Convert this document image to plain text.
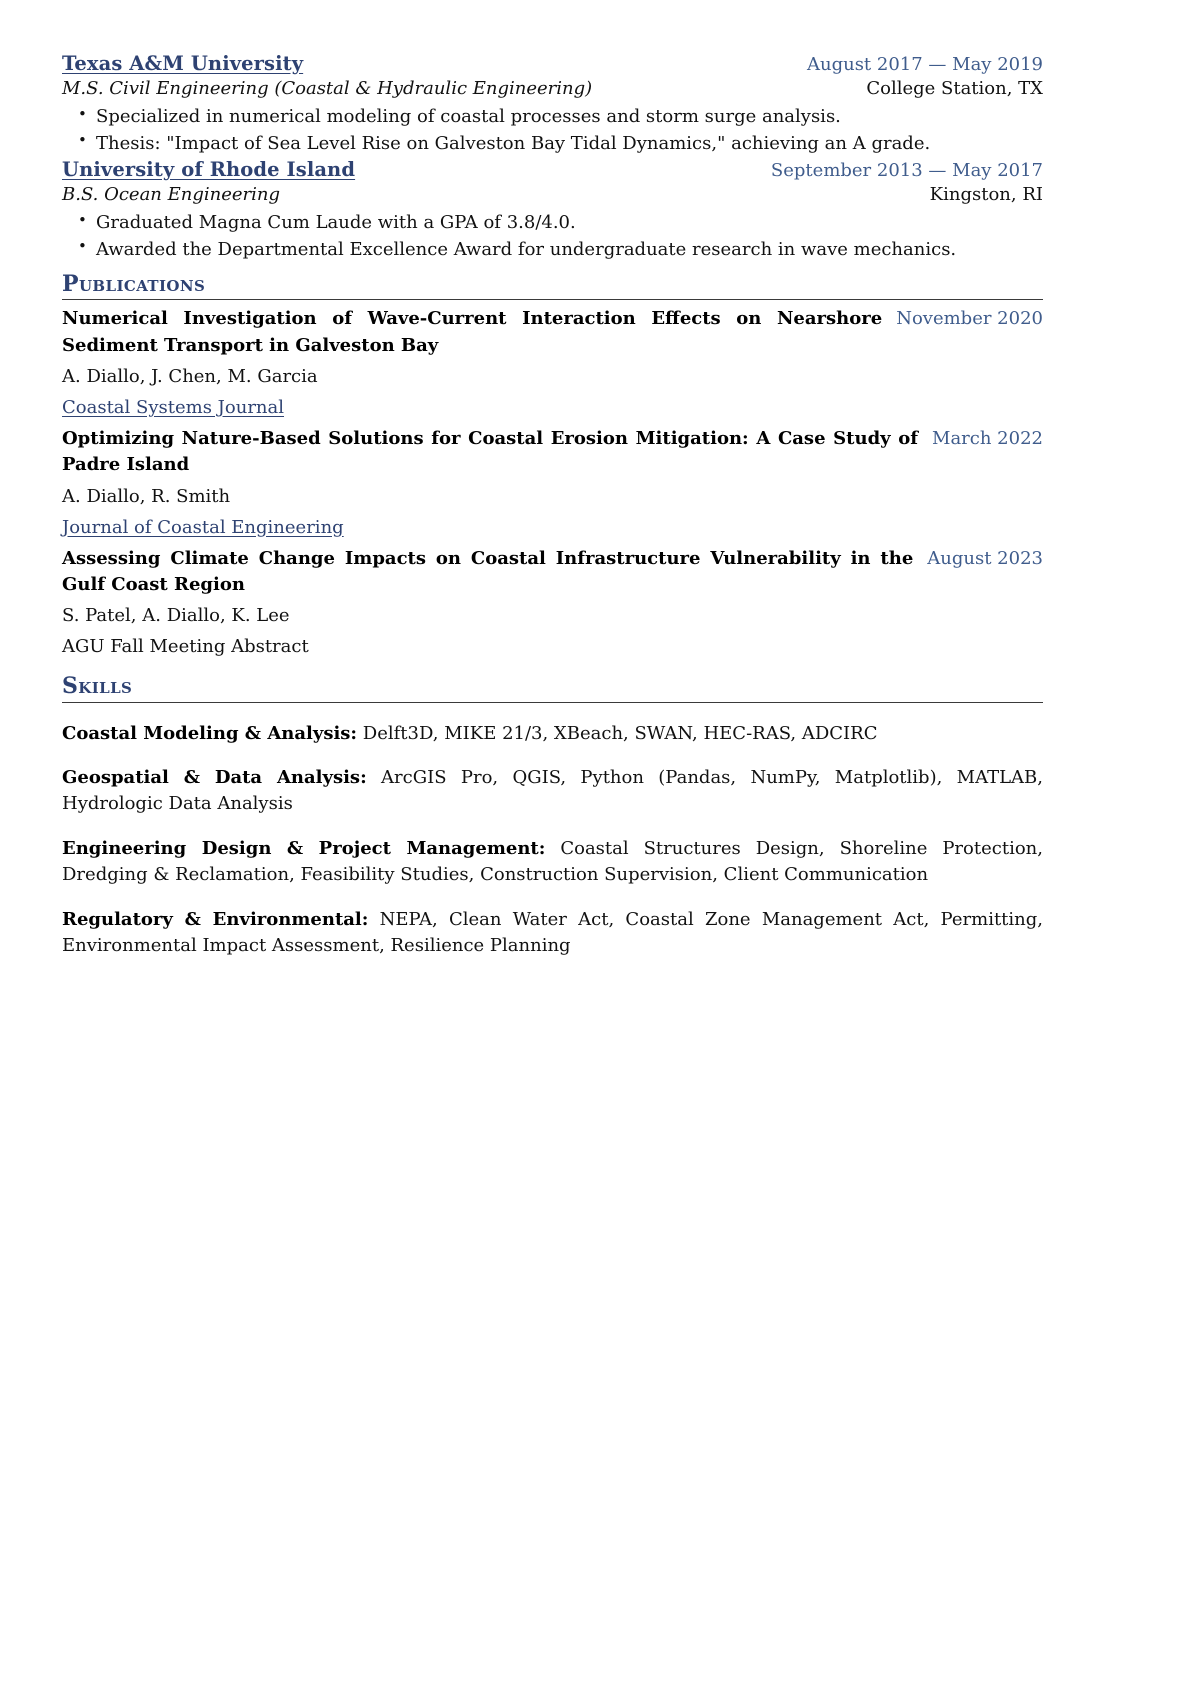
Texas A&M University	August 2017 — May 2019
M.S. Civil Engineering (Coastal & Hydraulic Engineering)	College Station, TX
• Specialized in numerical modeling of coastal processes and storm surge analysis.
• Thesis: "Impact of Sea Level Rise on Galveston Bay Tidal Dynamics," achieving an A grade.
University of Rhode Island	September 2013 — May 2017
B.S. Ocean Engineering	Kingston, RI
• Graduated Magna Cum Laude with a GPA of 3.8/4.0.
• Awarded the Departmental Excellence Award for undergraduate research in wave mechanics.
Publications
Numerical Investigation of Wave-Current Interaction Effects on Nearshore Sediment Transport in Galveston Bay
November 2020
A. Diallo, J. Chen, M. Garcia
Coastal Systems Journal
Optimizing Nature-Based Solutions for Coastal Erosion Mitigation: A Case Study of Padre Island
March 2022
A. Diallo, R. Smith
Journal of Coastal Engineering
Assessing Climate Change Impacts on Coastal Infrastructure Vulnerability in the Gulf Coast Region
August 2023
S. Patel, A. Diallo, K. Lee
AGU Fall Meeting Abstract
Skills

Coastal Modeling & Analysis: Delft3D, MIKE 21/3, XBeach, SWAN, HEC-RAS, ADCIRC

Geospatial & Data Analysis: ArcGIS Pro, QGIS, Python (Pandas, NumPy, Matplotlib), MATLAB, Hydrologic Data Analysis

Engineering Design & Project Management: Coastal Structures Design, Shoreline Protection, Dredging & Reclamation, Feasibility Studies, Construction Supervision, Client Communication

Regulatory & Environmental: NEPA, Clean Water Act, Coastal Zone Management Act, Permitting, Environmental Impact Assessment, Resilience Planning
